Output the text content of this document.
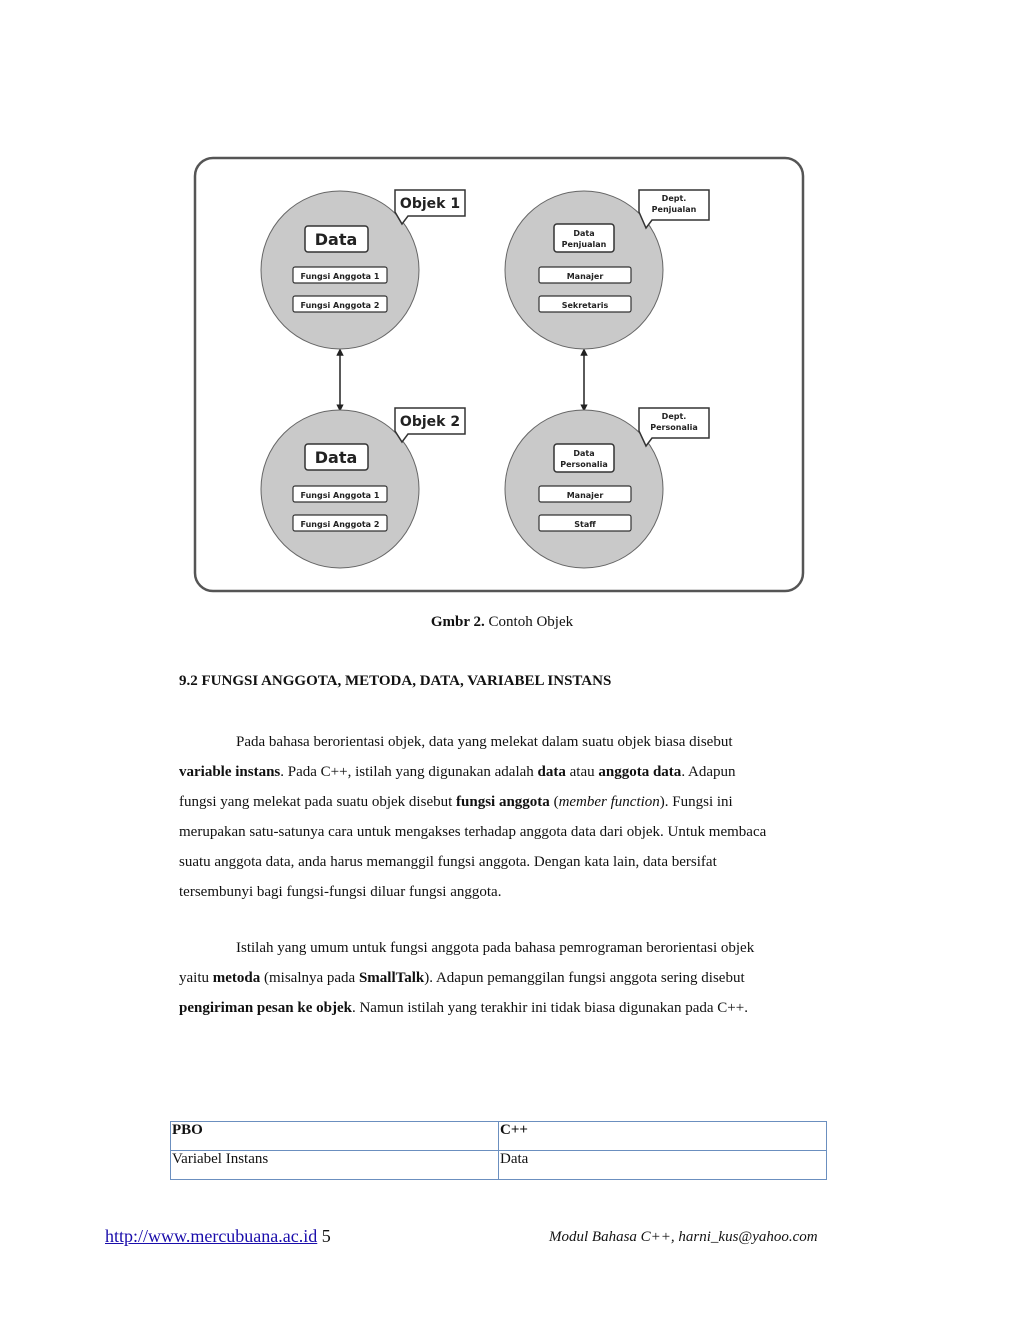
Objek 1
Data
Fungsi Anggota 1
Fungsi Anggota 2
Objek 2
Data
Fungsi Anggota 1
Fungsi Anggota 2
Dept.
Penjualan
Data
Penjualan
Manajer
Sekretaris
Dept.
Personalia
Data
Personalia
Manajer
Staff
Gmbr 2. Contoh Objek
9.2 FUNGSI ANGGOTA, METODA, DATA, VARIABEL INSTANS

Pada bahasa berorientasi objek, data yang melekat dalam suatu objek biasa disebut variable instans. Pada C++, istilah yang digunakan adalah data atau anggota data. Adapun fungsi yang melekat pada suatu objek disebut fungsi anggota (member function). Fungsi ini merupakan satu-satunya cara untuk mengakses terhadap anggota data dari objek. Untuk membaca suatu anggota data, anda harus memanggil fungsi anggota. Dengan kata lain, data bersifat tersembunyi bagi fungsi-fungsi diluar fungsi anggota.

Istilah yang umum untuk fungsi anggota pada bahasa pemrograman berorientasi objek yaitu metoda (misalnya pada SmallTalk). Adapun pemanggilan fungsi anggota sering disebut pengiriman pesan ke objek. Namun istilah yang terakhir ini tidak biasa digunakan pada C++.

PBO	C++
Variabel Instans	Data
http://www.mercubuana.ac.id 5	Modul Bahasa C++, harni_kus@yahoo.com
